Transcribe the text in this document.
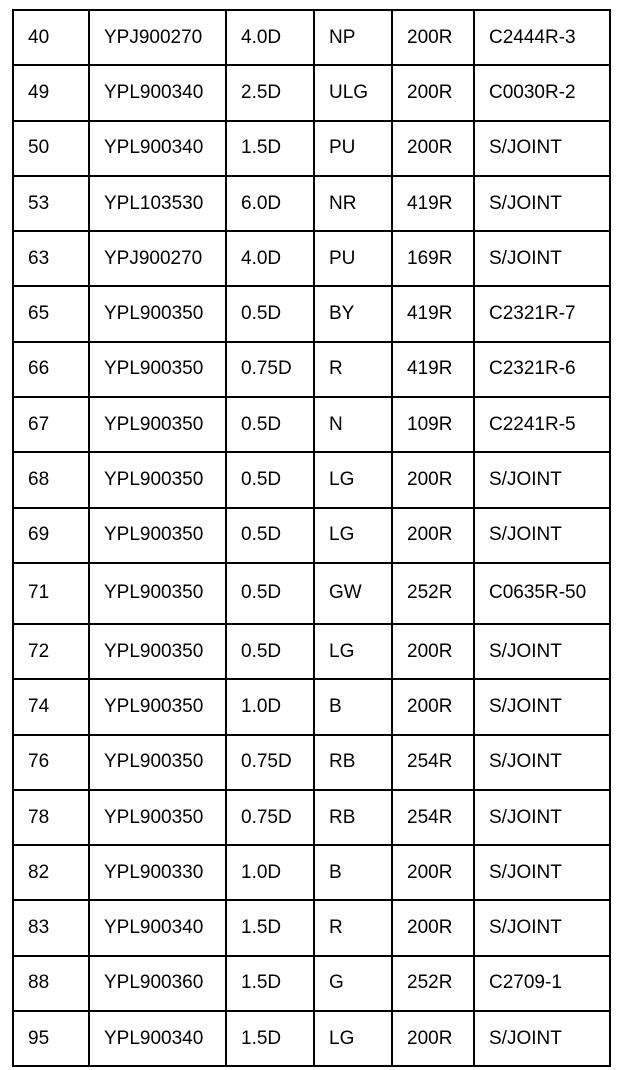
40	YPJ900270	4.0D	NP	200R	C2444R-3
49	YPL900340	2.5D	ULG	200R	C0030R-2
50	YPL900340	1.5D	PU	200R	S/JOINT
53	YPL103530	6.0D	NR	419R	S/JOINT
63	YPJ900270	4.0D	PU	169R	S/JOINT
65	YPL900350	0.5D	BY	419R	C2321R-7
66	YPL900350	0.75D	R	419R	C2321R-6
67	YPL900350	0.5D	N	109R	C2241R-5
68	YPL900350	0.5D	LG	200R	S/JOINT
69	YPL900350	0.5D	LG	200R	S/JOINT
71	YPL900350	0.5D	GW	252R	C0635R-50
72	YPL900350	0.5D	LG	200R	S/JOINT
74	YPL900350	1.0D	B	200R	S/JOINT
76	YPL900350	0.75D	RB	254R	S/JOINT
78	YPL900350	0.75D	RB	254R	S/JOINT
82	YPL900330	1.0D	B	200R	S/JOINT
83	YPL900340	1.5D	R	200R	S/JOINT
88	YPL900360	1.5D	G	252R	C2709-1
95	YPL900340	1.5D	LG	200R	S/JOINT
